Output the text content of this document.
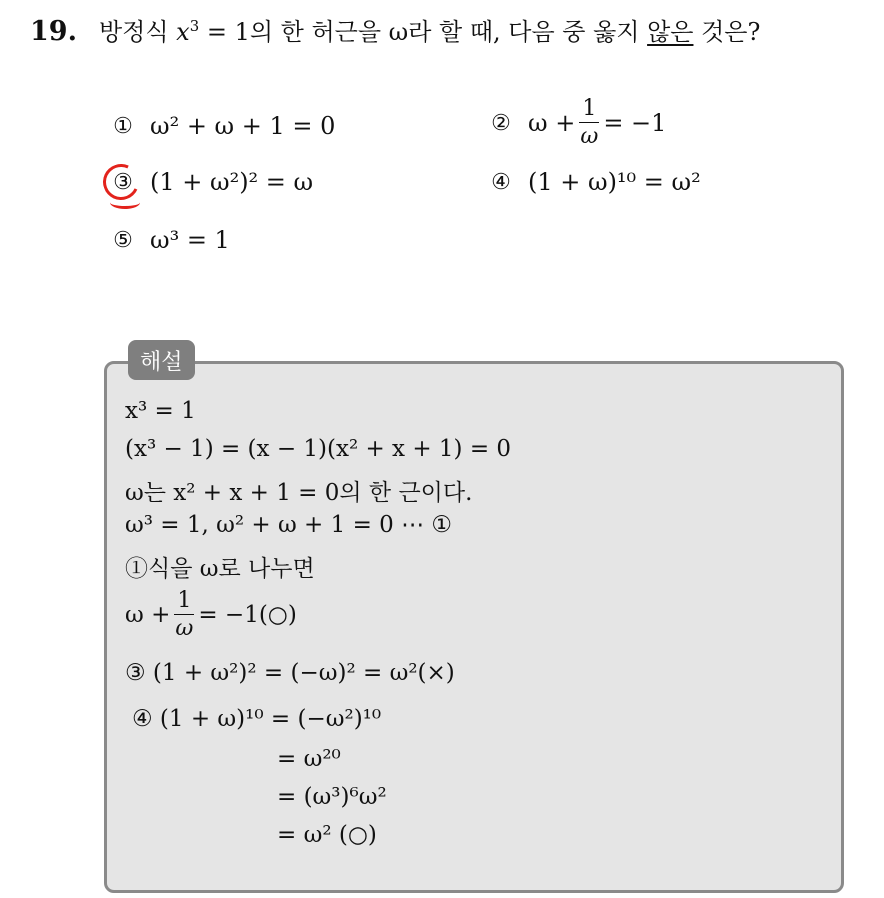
19. 방정식 $x^3 = 1$의 한 허근을 ω라 할 때, 다음 중 옳지 않은 것은?
① ω² + ω + 1 = 0	② $\omega + \frac{1}{\omega} = -1$
③ (1 + ω²)² = ω	④ (1 + ω)¹⁰ = ω²
⑤ ω³ = 1
해설
x³ = 1
(x³ − 1) = (x − 1)(x² + x + 1) = 0
ω는 x² + x + 1 = 0의 한 근이다.
ω³ = 1, ω² + ω + 1 = 0 ⋯ ①
①식을 ω로 나누면
$\omega + \frac{1}{\omega}$ = −1(○)
③ (1 + ω²)² = (−ω)² = ω²(×)
④ (1 + ω)¹⁰ = (−ω²)¹⁰
= ω²⁰
= (ω³)⁶ω²
= ω² (○)
